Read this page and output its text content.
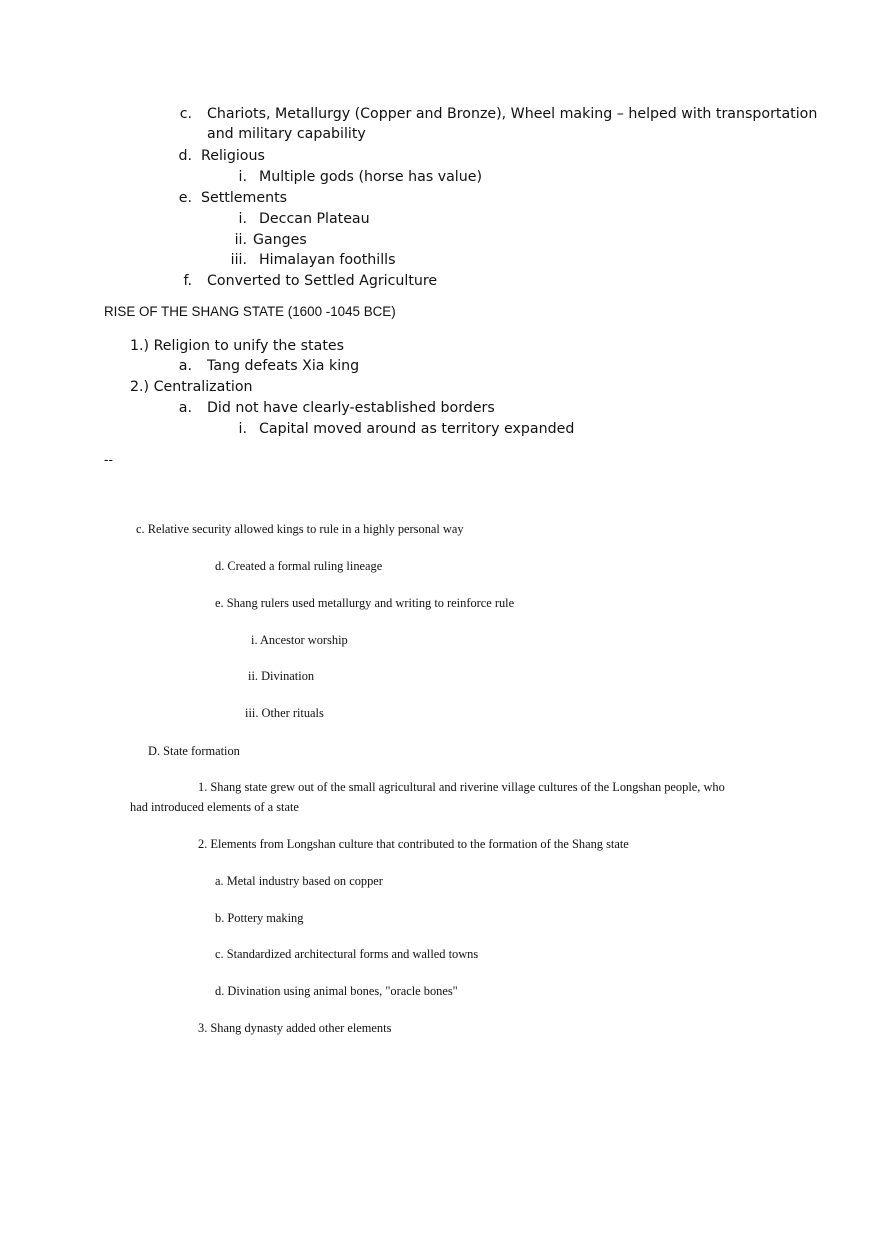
c. Chariots, Metallurgy (Copper and Bronze), Wheel making – helped with transportation
and military capability
d. Religious
i. Multiple gods (horse has value)
e. Settlements
i. Deccan Plateau
ii. Ganges
iii. Himalayan foothills
f. Converted to Settled Agriculture
RISE OF THE SHANG STATE (1600 -1045 BCE)
1.) Religion to unify the states
a. Tang defeats Xia king
2.) Centralization
a. Did not have clearly-established borders
i. Capital moved around as territory expanded
--
c. Relative security allowed kings to rule in a highly personal way
d. Created a formal ruling lineage
e. Shang rulers used metallurgy and writing to reinforce rule
i. Ancestor worship
ii. Divination
iii. Other rituals
D. State formation
1. Shang state grew out of the small agricultural and riverine village cultures of the Longshan people, who
had introduced elements of a state
2. Elements from Longshan culture that contributed to the formation of the Shang state
a. Metal industry based on copper
b. Pottery making
c. Standardized architectural forms and walled towns
d. Divination using animal bones, "oracle bones"
3. Shang dynasty added other elements
